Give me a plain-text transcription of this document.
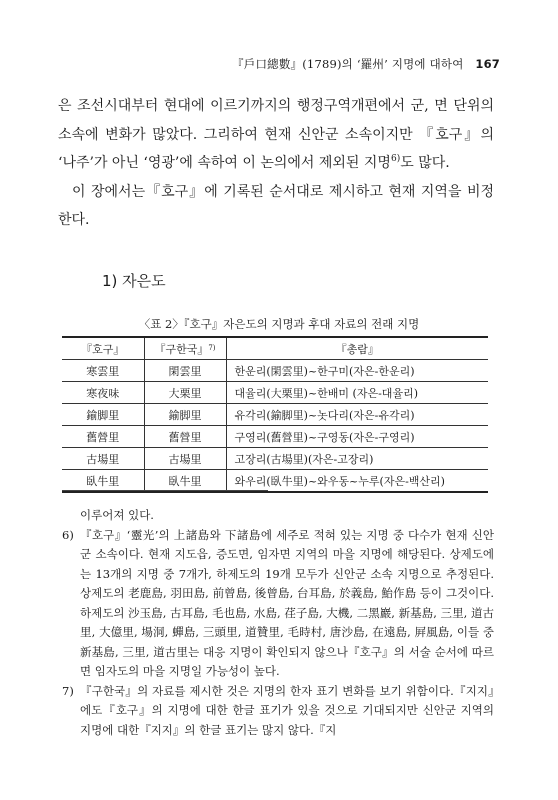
『戶口總數』(1789)의 ‘羅州’ 지명에 대하여 167

은 조선시대부터 현대에 이르기까지의 행정구역개편에서 군, 면 단위의 소속에 변화가 많았다. 그리하여 현재 신안군 소속이지만 『호구』의 ‘나주’가 아닌 ‘영광’에 속하여 이 논의에서 제외된 지명$^{6)}$도 많다.

이 장에서는『호구』에 기록된 순서대로 제시하고 현재 지역을 비정한다.

1) 자은도
〈표 2〉『호구』자은도의 지명과 후대 자료의 전래 지명
『호구』	『구한국』$^{7)}$	『총람』
寒雲里	閑雲里	한운리(閑雲里)~한구미(자은-한운리)
寒夜味	大栗里	대율리(大栗里)~한배미 (자은-대율리)
鍮脚里	鍮脚里	유각리(鍮脚里)~놋다리(자은-유각리)
舊營里	舊營里	구영리(舊營里)~구영동(자은-구영리)
古場里	古場里	고장리(古場里)(자은-고장리)
臥牛里	臥牛里	와우리(臥牛里)~와우동~누루(자은-백산리)

이루어져 있다.

6) 『호구』‘靈光’의 上諸島와 下諸島에 세주로 적혀 있는 지명 중 다수가 현재 신안군 소속이다. 현재 지도읍, 증도면, 임자면 지역의 마을 지명에 해당된다. 상제도에는 13개의 지명 중 7개가, 하제도의 19개 모두가 신안군 소속 지명으로 추정된다. 상제도의 老鹿島, 羽田島, 前曾島, 後曾島, 台耳島, 於義島, 鮐作島 등이 그것이다. 하제도의 沙玉島, 古耳島, 毛也島, 水島, 荏子島, 大機, 二黑巖, 新基島, 三里, 道古里, 大億里, 場洞, 蟬島, 三頭里, 道贊里, 毛時村, 唐沙島, 在遠島, 屛風島, 이들 중 新基島, 三里, 道古里는 대응 지명이 확인되지 않으나『호구』의 서술 순서에 따르면 임자도의 마을 지명일 가능성이 높다.

7) 『구한국』의 자료를 제시한 것은 지명의 한자 표기 변화를 보기 위함이다.『지지』에도『호구』의 지명에 대한 한글 표기가 있을 것으로 기대되지만 신안군 지역의 지명에 대한『지지』의 한글 표기는 많지 않다.『지
